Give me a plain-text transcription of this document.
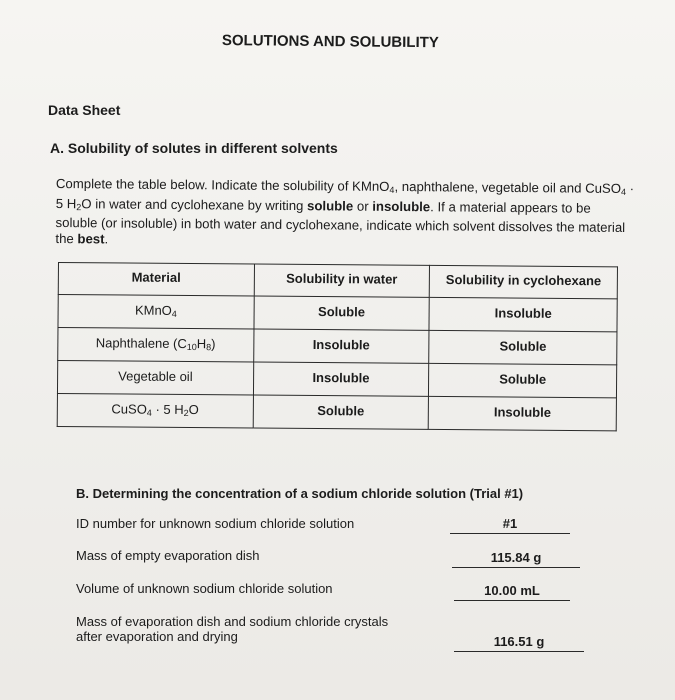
SOLUTIONS AND SOLUBILITY
Data Sheet
A. Solubility of solutes in different solvents
Complete the table below. Indicate the solubility of KMnO$_4$, naphthalene, vegetable oil and CuSO$_4$ · 5 $H_2O$ in water and cyclohexane by writing soluble or insoluble. If a material appears to be soluble (or insoluble) in both water and cyclohexane, indicate which solvent dissolves the material the best.
Material	Solubility in water	Solubility in cyclohexane
KMnO$_4$	Soluble	Insoluble
Naphthalene $(C_{10}H_8)$	Insoluble	Soluble
Vegetable oil	Insoluble	Soluble
CuSO$_4$ · 5 $H_2O$	Soluble	Insoluble
B. Determining the concentration of a sodium chloride solution (Trial #1)
ID number for unknown sodium chloride solution	#1
Mass of empty evaporation dish	115.84 g
Volume of unknown sodium chloride solution	10.00 mL
Mass of evaporation dish and sodium chloride crystals
after evaporation and drying	116.51 g
